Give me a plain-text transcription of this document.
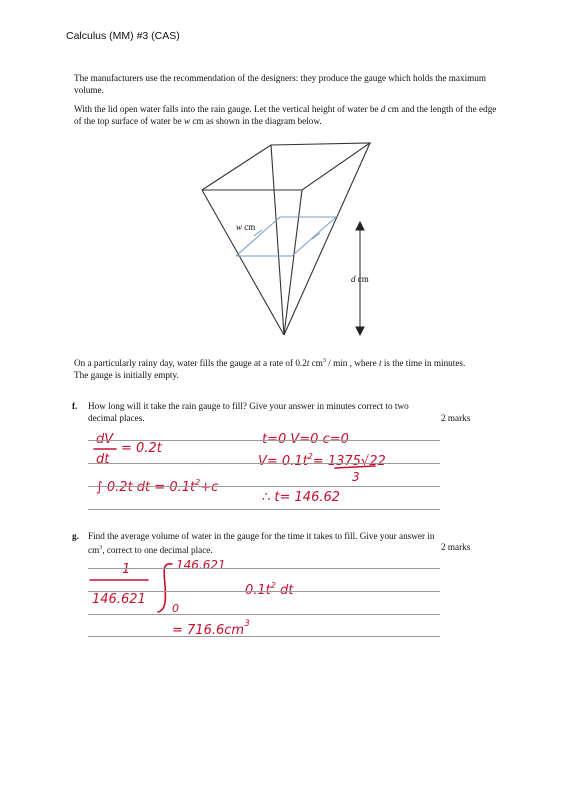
Calculus (MM) #3 (CAS)
The manufacturers use the recommendation of the designers: they produce the gauge which holds the maximum volume.
With the lid open water falls into the rain gauge. Let the vertical height of water be d cm and the length of the edge of the top surface of water be w cm as shown in the diagram below.
w cm
d cm
dV
dt
= 0.2t
t=0 V=0 c=0
$V= 0.1t^2= 1375√22$
3
∫ 0.2t dt = $0.1t^2+c$
∴ t= 146.62
1
146.621
146.621
0
$0.1t^2$ dt
= $716.6cm^3$
On a particularly rainy day, water fills the gauge at a rate of 0.2t $cm^3$ / min , where t is the time in minutes.
The gauge is initially empty.
f. How long will it take the rain gauge to fill? Give your answer in minutes correct to two decimal places.	2 marks
g. Find the average volume of water in the gauge for the time it takes to fill. Give your answer in $cm^3$, correct to one decimal place.	2 marks
